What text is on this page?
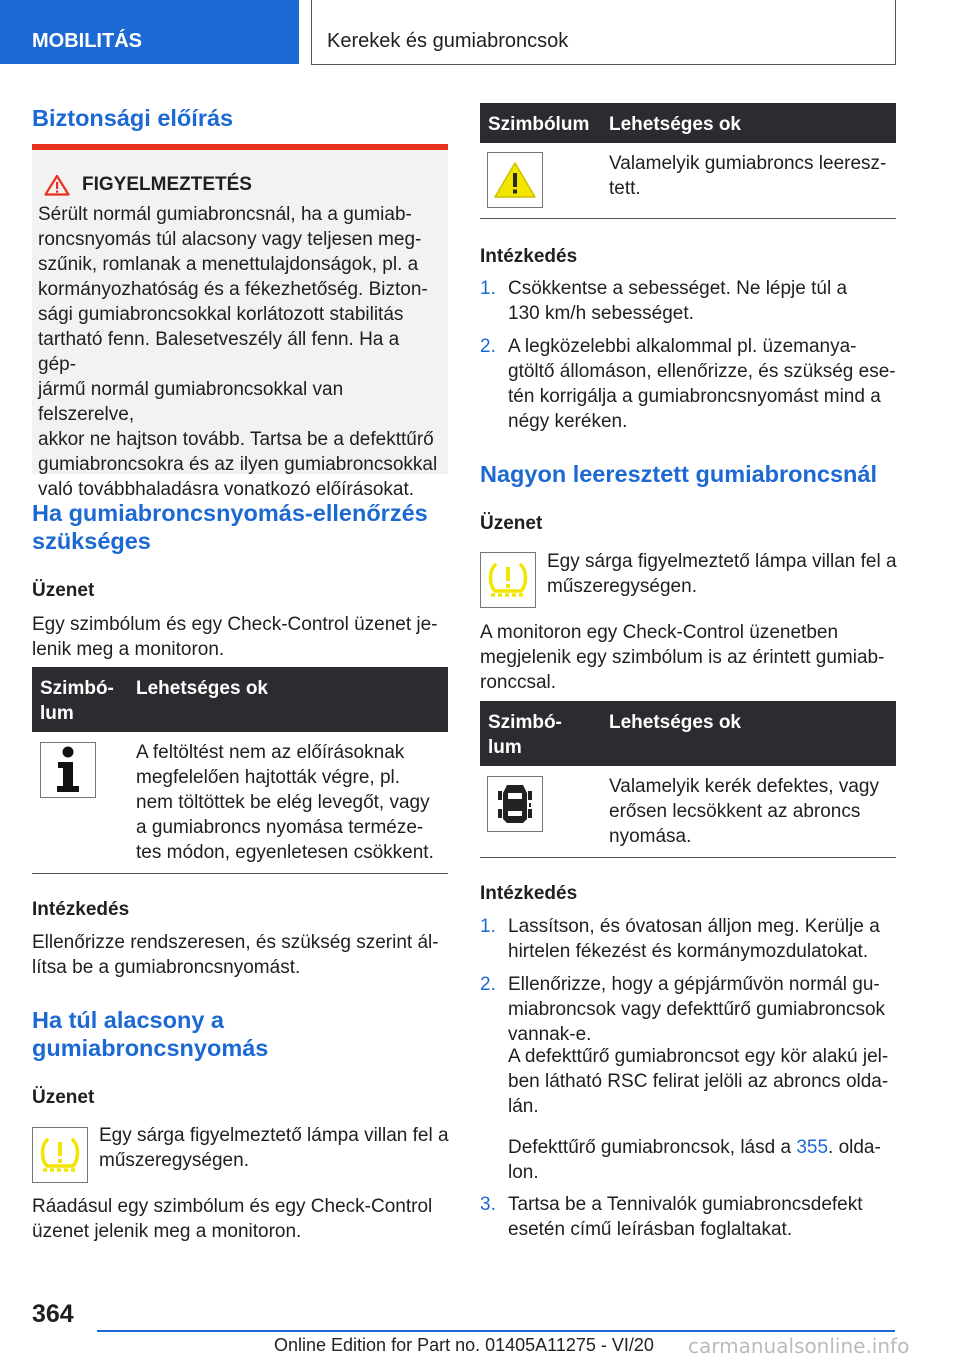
MOBILITÁS	Kerekek és gumiabroncsok
Biztonsági előírás
FIGYELMEZTETÉS
Sérült normál gumiabroncsnál, ha a gumiab-
roncsnyomás túl alacsony vagy teljesen meg-
szűnik, romlanak a menettulajdonságok, pl. a
kormányozhatóság és a fékezhetőség. Bizton-
sági gumiabroncsokkal korlátozott stabilitás
tartható fenn. Balesetveszély áll fenn. Ha a gép-
jármű normál gumiabroncsokkal van felszerelve,
akkor ne hajtson tovább. Tartsa be a defekttűrő
gumiabroncsokra és az ilyen gumiabroncsokkal
való továbbhaladásra vonatkozó előírásokat.
Ha gumiabroncsnyomás-ellenőrzés
szükséges
Üzenet
Egy szimbólum és egy Check-Control üzenet je-
lenik meg a monitoron.
Szimbó-
lum	Lehetséges ok

A feltöltést nem az előírásoknak
megfelelően hajtották végre, pl.
nem töltöttek be elég levegőt, vagy
a gumiabroncs nyomása terméze-
tes módon, egyenletesen csökkent.
Intézkedés
Ellenőrizze rendszeresen, és szükség szerint ál-
lítsa be a gumiabroncsnyomást.
Ha túl alacsony a
gumiabroncsnyomás
Üzenet
Egy sárga figyelmeztető lámpa villan fel a
műszeregységen.
Ráadásul egy szimbólum és egy Check-Control
üzenet jelenik meg a monitoron.
Szimbólum	Lehetséges ok

Valamelyik gumiabroncs leeresz-
tett.
Intézkedés
1. Csökkentse a sebességet. Ne lépje túl a
130 km/h sebességet.
2. A legközelebbi alkalommal pl. üzemanya-
gtöltő állomáson, ellenőrizze, és szükség ese-
tén korrigálja a gumiabroncsnyomást mind a
négy keréken.
Nagyon leeresztett gumiabroncsnál
Üzenet
Egy sárga figyelmeztető lámpa villan fel a
műszeregységen.
A monitoron egy Check-Control üzenetben
megjelenik egy szimbólum is az érintett gumiab-
ronccsal.
Szimbó-
lum	Lehetséges ok

Valamelyik kerék defektes, vagy
erősen lecsökkent az abroncs
nyomása.
Intézkedés
1. Lassítson, és óvatosan álljon meg. Kerülje a
hirtelen fékezést és kormánymozdulatokat.
2. Ellenőrizze, hogy a gépjárművön normál gu-
miabroncsok vagy defekttűrő gumiabroncsok
vannak-e.
A defekttűrő gumiabroncsot egy kör alakú jel-
ben látható RSC felirat jelöli az abroncs olda-
lán.
Defekttűrő gumiabroncsok, lásd a 355. olda-
lon.
3. Tartsa be a Tennivalók gumiabroncsdefekt
esetén című leírásban foglaltakat.
364
Online Edition for Part no. 01405A11275 - VI/20 carmanualsonline.info
